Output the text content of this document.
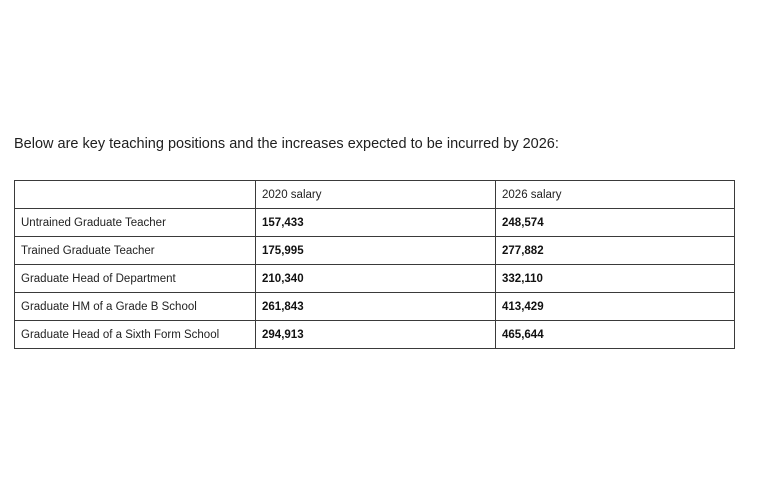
Below are key teaching positions and the increases expected to be incurred by 2026:
	2020 salary	2026 salary
Untrained Graduate Teacher	157,433	248,574
Trained Graduate Teacher	175,995	277,882
Graduate Head of Department	210,340	332,110
Graduate HM of a Grade B School	261,843	413,429
Graduate Head of a Sixth Form School	294,913	465,644
